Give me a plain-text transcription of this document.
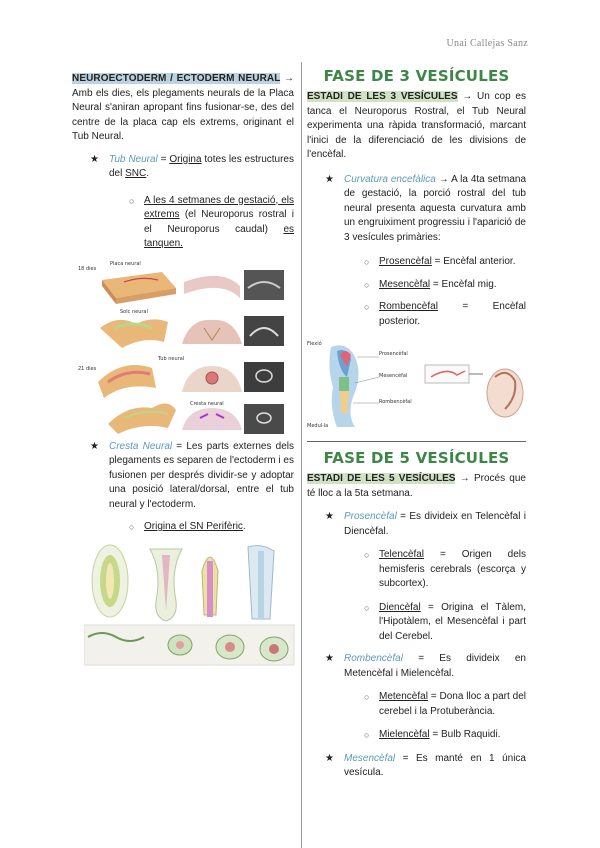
Unai Callejas Sanz

NEUROECTODERM / ECTODERM NEURAL → Amb els dies, els plegaments neurals de la Placa Neural s'aniran apropant fins fusionar-se, des del centre de la placa cap els extrems, originant el Tub Neural.

★ Tub Neural = Origina totes les estructures del SNC.

○ A les 4 setmanes de gestació, els extrems (el Neuroporus rostral i el Neuroporus caudal) es tanquen.

18 dies
Placa neural
Solc neural
21 dies
Tub neural
Cresta neural
★ Cresta Neural = Les parts externes dels plegaments es separen de l'ectoderm i es fusionen per després dividir-se y adoptar una posició lateral/dorsal, entre el tub neural y l'ectoderm.

○ Origina el SN Perifèric.

FASE DE 3 VESÍCULES

ESTADI DE LES 3 VESÍCULES → Un cop es tanca el Neuroporus Rostral, el Tub Neural experimenta una ràpida transformació, marcant l'inici de la diferenciació de les divisions de l'encèfal.

★ Curvatura encefàlica → A la 4ta setmana de gestació, la porció rostral del tub neural presenta aquesta curvatura amb un engruiximent progressiu i l'aparició de 3 vesícules primàries:

○ Prosencèfal = Encèfal anterior.

○ Mesencèfal = Encèfal mig.

○ Rombencèfal = Encèfal posterior.

Flexió
Prosencèfal
Mesencèfal
Rombencèfal
Medul·la
FASE DE 5 VESÍCULES

ESTADI DE LES 5 VESÍCULES → Procés que té lloc a la 5ta setmana.

★ Prosencèfal = Es divideix en Telencèfal i Diencèfal.

○ Telencèfal = Origen dels hemisferis cerebrals (escorça y subcortex).

○ Diencèfal = Origina el Tàlem, l'Hipotàlem, el Mesencèfal i part del Cerebel.

★ Rombencèfal = Es divideix en Metencèfal i Mielencèfal.

○ Metencèfal = Dona lloc a part del cerebel i la Protuberància.

○ Mielencèfal = Bulb Raquidi.

★ Mesencèfal = Es manté en 1 única vesícula.
